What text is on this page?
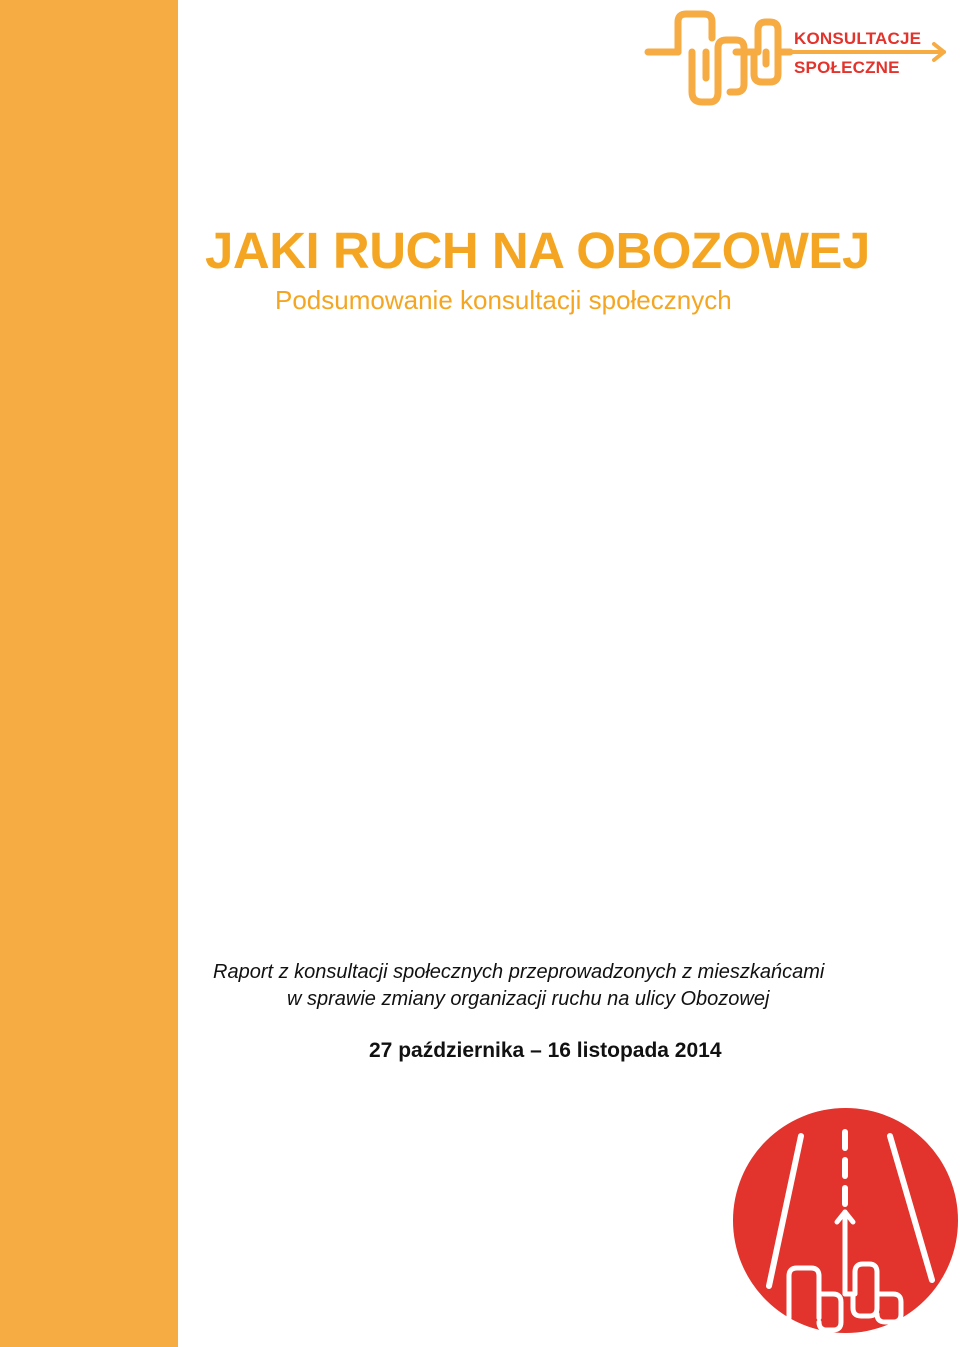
KONSULTACJE
SPOŁECZNE
JAKI RUCH NA OBOZOWEJ
Podsumowanie konsultacji społecznych

Raport z konsultacji społecznych przeprowadzonych z mieszkańcami

w sprawie zmiany organizacji ruchu na ulicy Obozowej

27 października – 16 listopada 2014
